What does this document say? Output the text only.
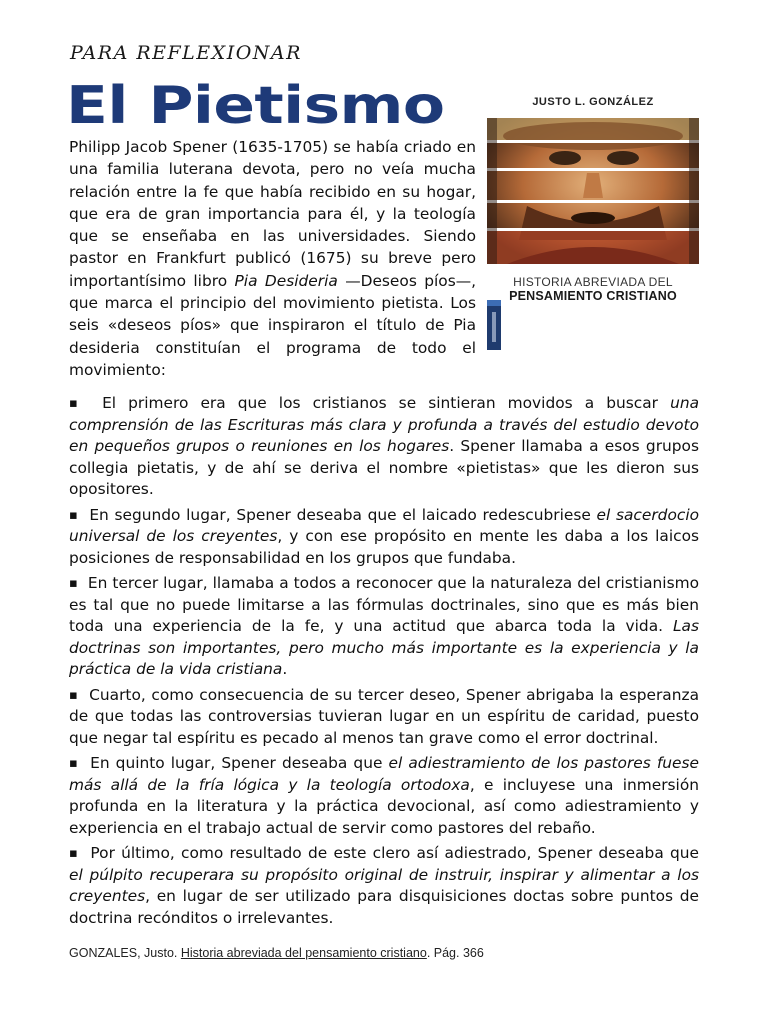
PARA REFLEXIONAR
El Pietismo

Philipp Jacob Spener (1635-1705) se había criado en una familia luterana devota, pero no veía mucha relación entre la fe que había recibido en su hogar, que era de gran importancia para él, y la teología que se enseñaba en las universidades. Siendo pastor en Frankfurt publicó (1675) su breve pero importantísimo libro Pia Desideria —Deseos píos—, que marca el principio del movimiento pietista. Los seis «deseos píos» que inspiraron el título de Pia desideria constituían el programa de todo el movimiento:

JUSTO L. GONZÁLEZ
HISTORIA ABREVIADA DEL
PENSAMIENTO CRISTIANO

▪ El primero era que los cristianos se sintieran movidos a buscar una comprensión de las Escrituras más clara y profunda a través del estudio devoto en pequeños grupos o reuniones en los hogares. Spener llamaba a esos grupos collegia pietatis, y de ahí se deriva el nombre «pietistas» que les dieron sus opositores.

▪ En segundo lugar, Spener deseaba que el laicado redescubriese el sacerdocio universal de los creyentes, y con ese propósito en mente les daba a los laicos posiciones de responsabilidad en los grupos que fundaba.

▪ En tercer lugar, llamaba a todos a reconocer que la naturaleza del cristianismo es tal que no puede limitarse a las fórmulas doctrinales, sino que es más bien toda una experiencia de la fe, y una actitud que abarca toda la vida. Las doctrinas son importantes, pero mucho más importante es la experiencia y la práctica de la vida cristiana.

▪ Cuarto, como consecuencia de su tercer deseo, Spener abrigaba la esperanza de que todas las controversias tuvieran lugar en un espíritu de caridad, puesto que negar tal espíritu es pecado al menos tan grave como el error doctrinal.

▪ En quinto lugar, Spener deseaba que el adiestramiento de los pastores fuese más allá de la fría lógica y la teología ortodoxa, e incluyese una inmersión profunda en la literatura y la práctica devocional, así como adiestramiento y experiencia en el trabajo actual de servir como pastores del rebaño.

▪ Por último, como resultado de este clero así adiestrado, Spener deseaba que el púlpito recuperara su propósito original de instruir, inspirar y alimentar a los creyentes, en lugar de ser utilizado para disquisiciones doctas sobre puntos de doctrina recónditos o irrelevantes.

GONZALES, Justo. Historia abreviada del pensamiento cristiano. Pág. 366
